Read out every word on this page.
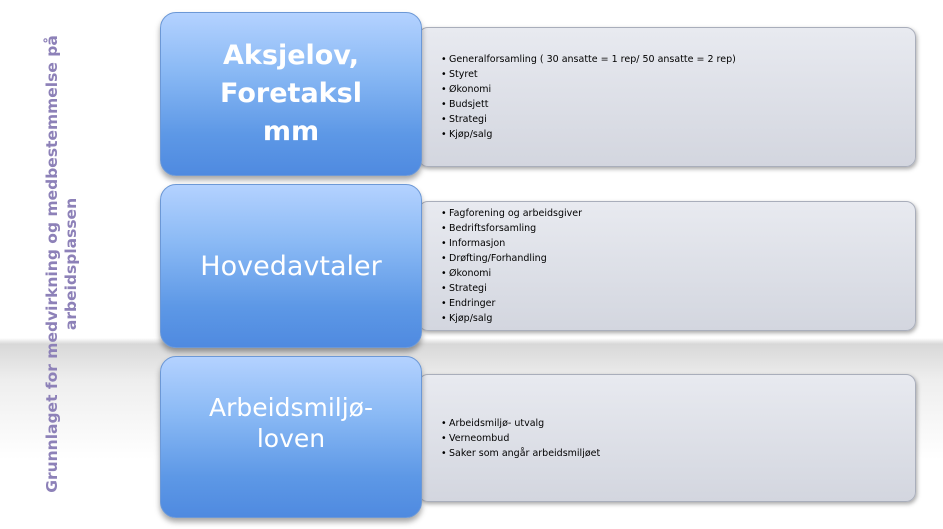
Grunnlaget for medvirkning og medbestemmelse på arbeidsplassen
• Generalforsamling ( 30 ansatte = 1 rep/ 50 ansatte = 2 rep)
• Styret
• Økonomi
• Budsjett
• Strategi
• Kjøp/salg
Aksjelov, Foretaksl mm
• Fagforening og arbeidsgiver
• Bedriftsforsamling
• Informasjon
• Drøfting/Forhandling
• Økonomi
• Strategi
• Endringer
• Kjøp/salg
Hovedavtaler
• Arbeidsmiljø- utvalg
• Verneombud
• Saker som angår arbeidsmiljøet
Arbeidsmiljø-loven
